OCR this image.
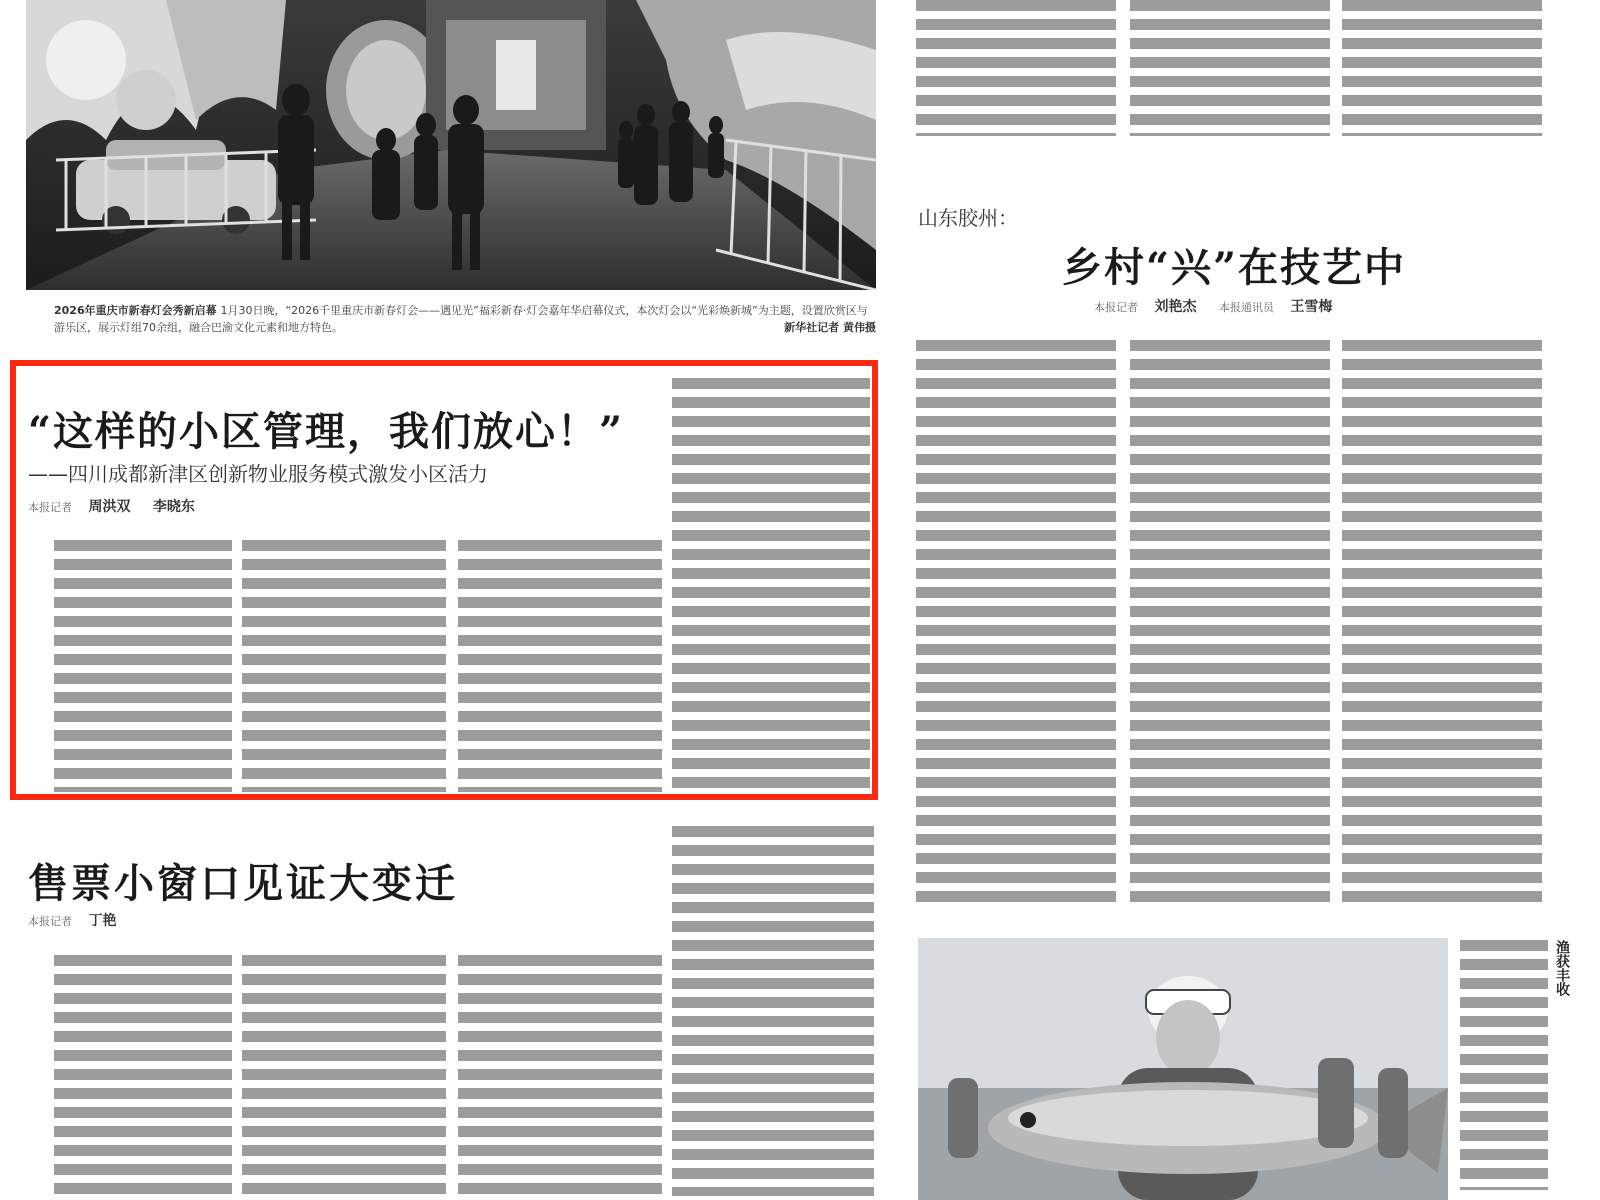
2026年重庆市新春灯会秀新启幕 1月30日晚，“2026千里重庆市新春灯会——遇见光”福彩新春·灯会嘉年华启幕仪式，本次灯会以“光彩焕新城”为主题，设置欣赏区与游乐区，展示灯组70余组，融合巴渝文化元素和地方特色。	新华社记者 黄伟摄
“这样的小区管理，我们放心！”
——四川成都新津区创新物业服务模式激发小区活力
本报记者 周洪双 李晓东
售票小窗口见证大变迁
本报记者 丁艳
山东胶州：
乡村“兴”在技艺中
本报记者 刘艳杰 本报通讯员 王雪梅
渔获丰收
